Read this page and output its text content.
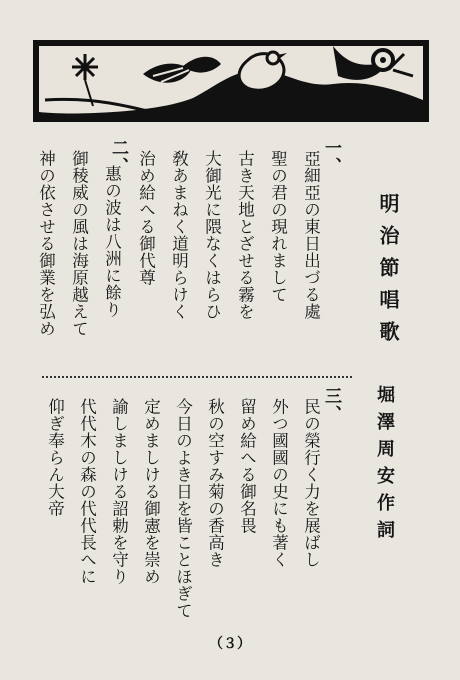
明治節唱歌
堀澤周安作詞
一、
亞細亞の東日出づる處
聖の君の現れまして
古き天地とざせる霧を
大御光に隈なくはらひ
敎あまねく道明らけく
治め給へる御代尊
二、
惠の波は八洲に餘り
御稜威の風は海原越えて
神の依させる御業を弘め
三、
民の榮行く力を展ばし
外つ國國の史にも著く
留め給へる御名畏
秋の空すみ菊の香高き
今日のよき日を皆ことほぎて
定めましける御憲を崇め
諭しましける詔勅を守り
代代木の森の代代長へに
仰ぎ奉らん大帝
（３）
